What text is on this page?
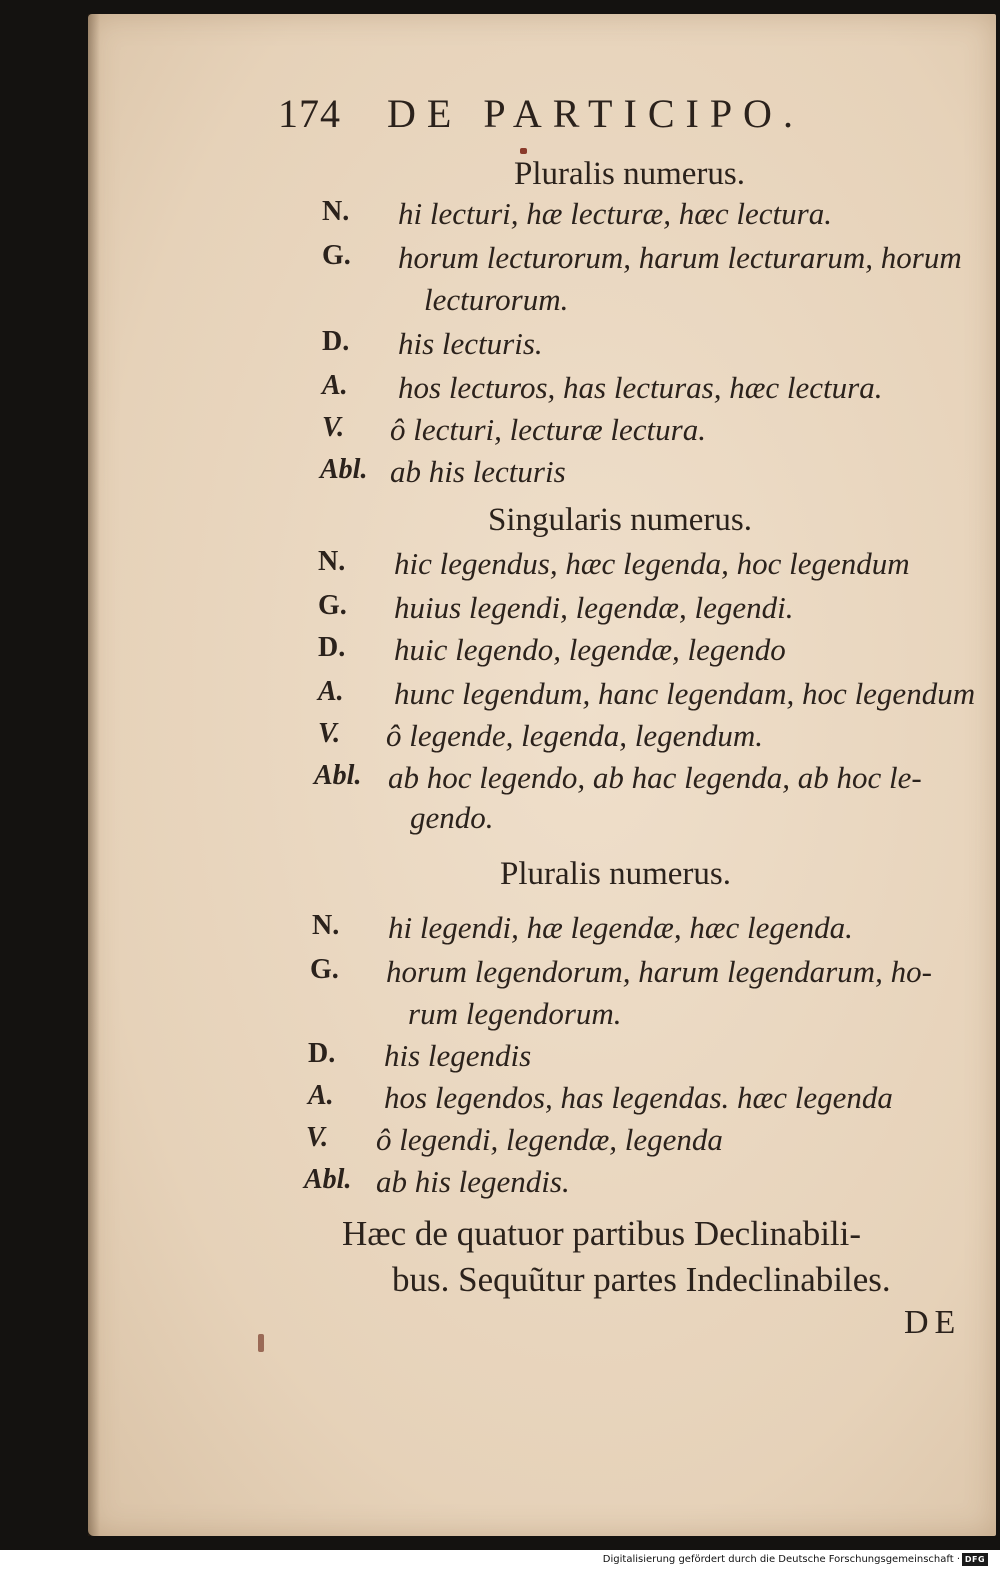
174 DE PARTICIPO.
Pluralis numerus.
N. hi lecturi, hæ lecturæ, hæc lectura.
G. horum lecturorum, harum lecturarum, horum
lecturorum.
D. his lecturis.
A. hos lecturos, has lecturas, hæc lectura.
V. ô lecturi, lecturæ lectura.
Abl. ab his lecturis
Singularis numerus.
N. hic legendus, hæc legenda, hoc legendum
G. huius legendi, legendæ, legendi.
D. huic legendo, legendæ, legendo
A. hunc legendum, hanc legendam, hoc legendum
V. ô legende, legenda, legendum.
Abl. ab hoc legendo, ab hac legenda, ab hoc le-
gendo.
Pluralis numerus.
N. hi legendi, hæ legendæ, hæc legenda.
G. horum legendorum, harum legendarum, ho-
rum legendorum.
D. his legendis
A. hos legendos, has legendas. hæc legenda
V. ô legendi, legendæ, legenda
Abl. ab his legendis.
Hæc de quatuor partibus Declinabili-
bus. Sequũtur partes Indeclinabiles.
DE
Digitalisierung gefördert durch die Deutsche Forschungsgemeinschaft · DFG
